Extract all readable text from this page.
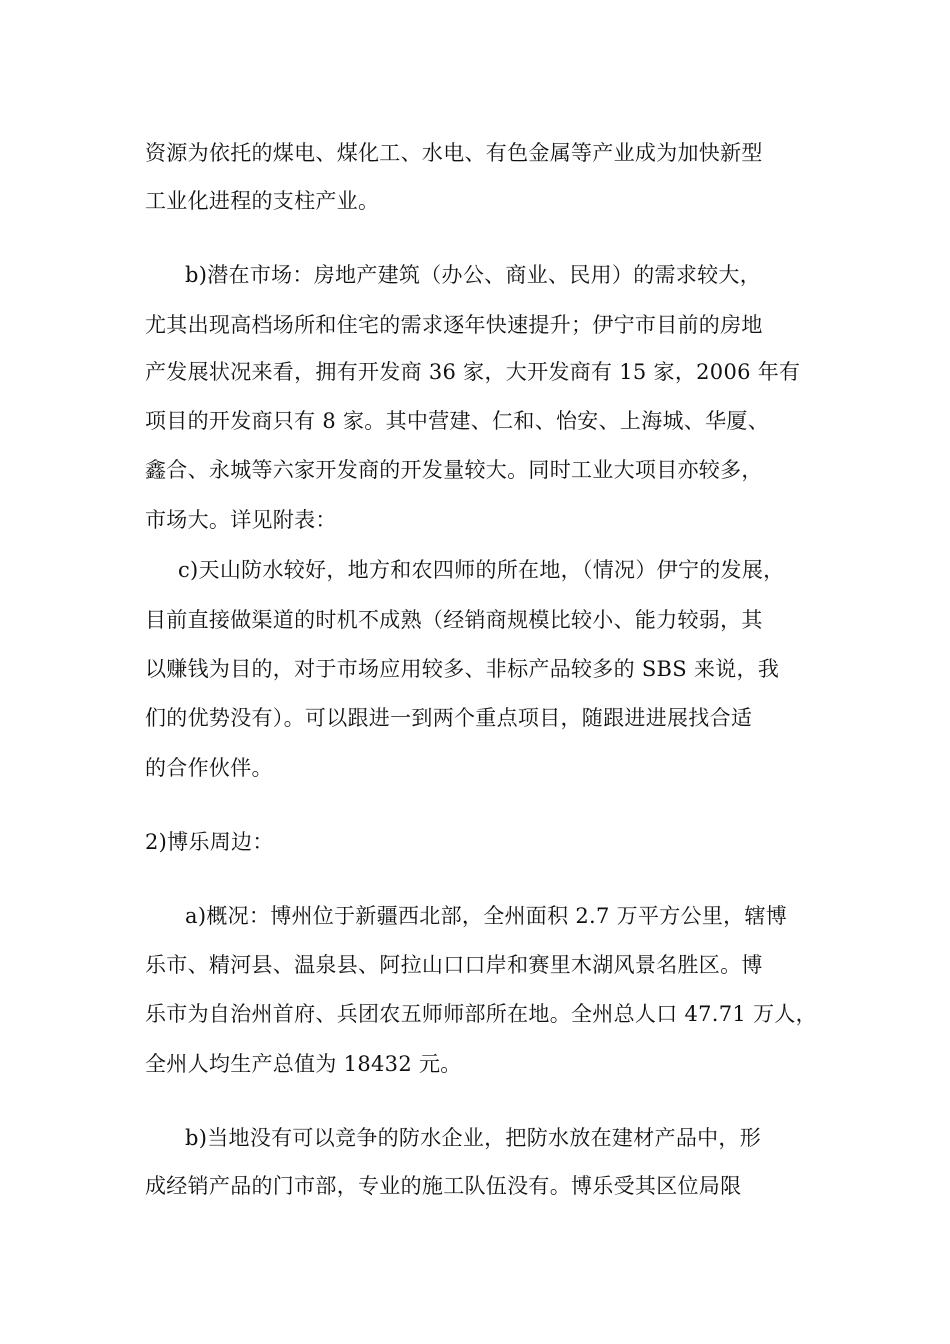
资源为依托的煤电、煤化工、水电、有色金属等产业成为加快新型
工业化进程的支柱产业。
b)潜在市场：房地产建筑（办公、商业、民用）的需求较大，
尤其出现高档场所和住宅的需求逐年快速提升；伊宁市目前的房地
产发展状况来看，拥有开发商 36 家，大开发商有 15 家，2006 年有
项目的开发商只有 8 家。其中营建、仁和、怡安、上海城、华厦、
鑫合、永城等六家开发商的开发量较大。同时工业大项目亦较多，
市场大。详见附表：
c)天山防水较好，地方和农四师的所在地，（情况）伊宁的发展，
目前直接做渠道的时机不成熟（经销商规模比较小、能力较弱，其
以赚钱为目的，对于市场应用较多、非标产品较多的 SBS 来说，我
们的优势没有）。可以跟进一到两个重点项目，随跟进进展找合适
的合作伙伴。
2)博乐周边：
a)概况：博州位于新疆西北部，全州面积 2.7 万平方公里，辖博
乐市、精河县、温泉县、阿拉山口口岸和赛里木湖风景名胜区。博
乐市为自治州首府、兵团农五师师部所在地。全州总人口 47.71 万人，
全州人均生产总值为 18432 元。
b)当地没有可以竞争的防水企业，把防水放在建材产品中，形
成经销产品的门市部，专业的施工队伍没有。博乐受其区位局限
